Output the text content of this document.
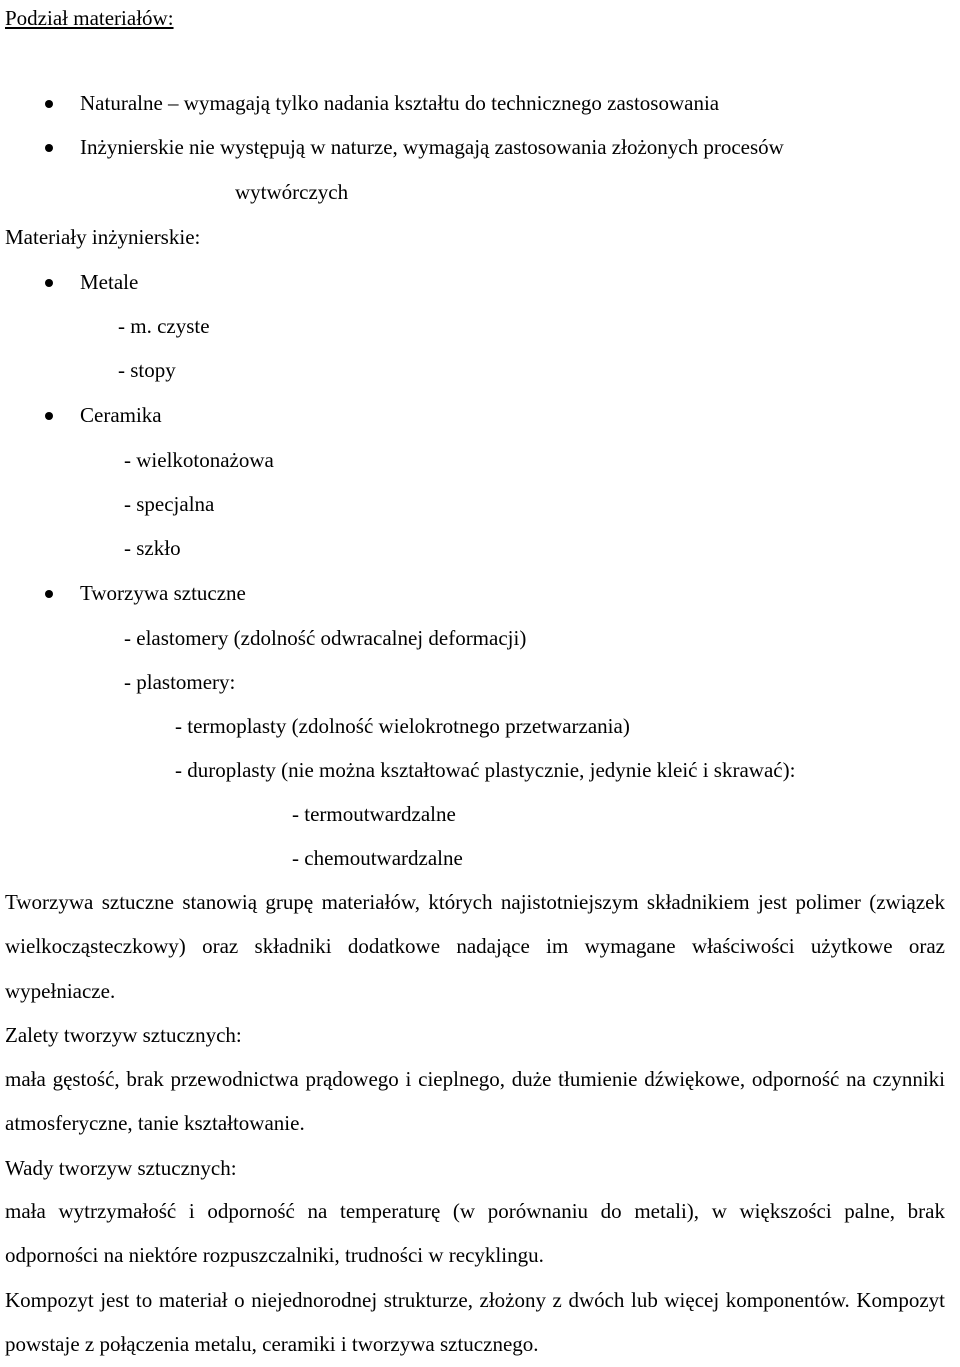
Podział materiałów:
Naturalne – wymagają tylko nadania kształtu do technicznego zastosowania
Inżynierskie nie występują w naturze, wymagają zastosowania złożonych procesów
wytwórczych
Materiały inżynierskie:
Metale
- m. czyste
- stopy
Ceramika
- wielkotonażowa
- specjalna
- szkło
Tworzywa sztuczne
- elastomery (zdolność odwracalnej deformacji)
- plastomery:
- termoplasty (zdolność wielokrotnego przetwarzania)
- duroplasty (nie można kształtować plastycznie, jedynie kleić i skrawać):
- termoutwardzalne
- chemoutwardzalne
Tworzywa sztuczne stanowią grupę materiałów, których najistotniejszym składnikiem jest polimer (związek wielkocząsteczkowy) oraz składniki dodatkowe nadające im wymagane właściwości użytkowe oraz wypełniacze.
Zalety tworzyw sztucznych:
mała gęstość, brak przewodnictwa prądowego i cieplnego, duże tłumienie dźwiękowe, odporność na czynniki atmosferyczne, tanie kształtowanie.
Wady tworzyw sztucznych:
mała wytrzymałość i odporność na temperaturę (w porównaniu do metali), w większości palne, brak odporności na niektóre rozpuszczalniki, trudności w recyklingu.
Kompozyt jest to materiał o niejednorodnej strukturze, złożony z dwóch lub więcej komponentów. Kompozyt powstaje z połączenia metalu, ceramiki i tworzywa sztucznego.
